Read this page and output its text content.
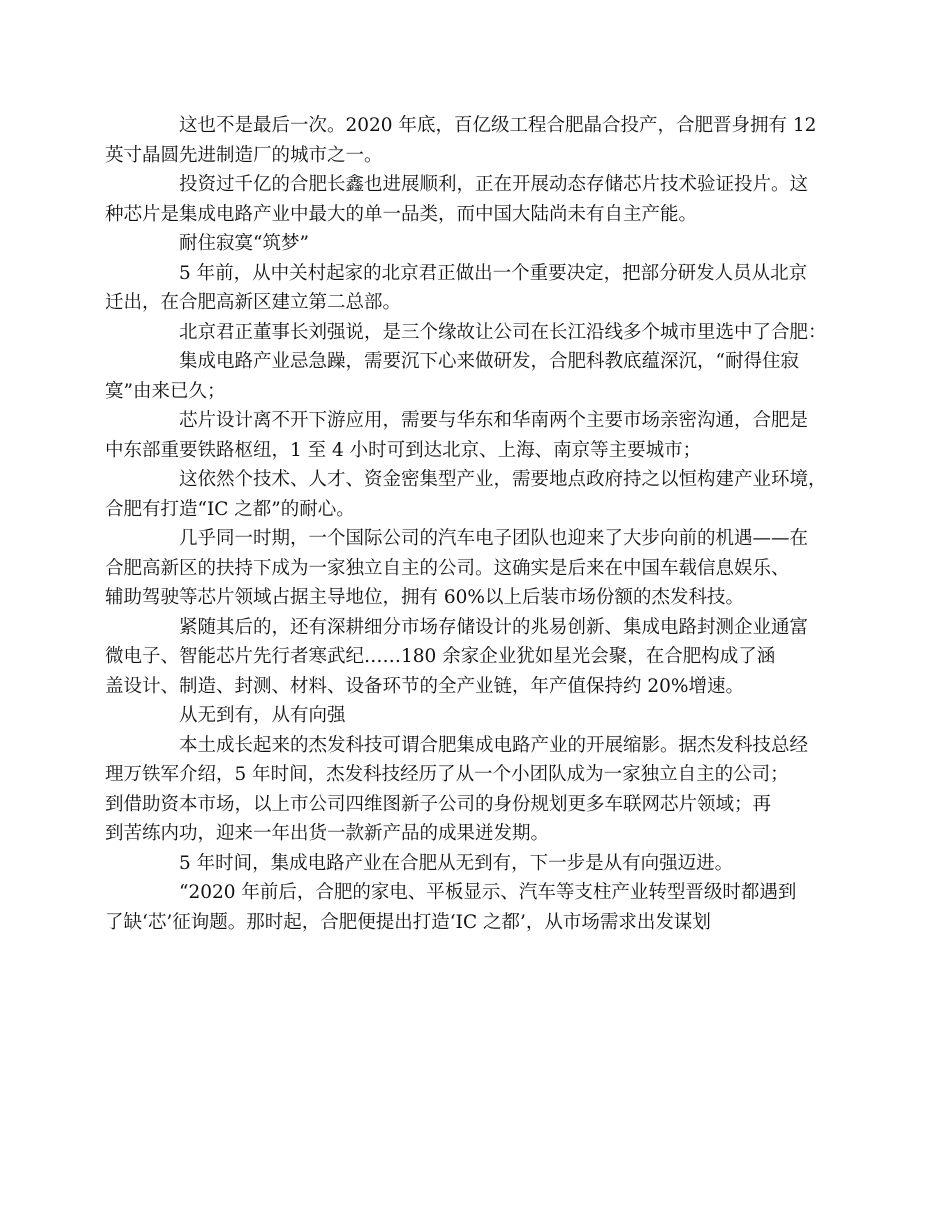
这也不是最后一次。2020 年底，百亿级工程合肥晶合投产，合肥晋身拥有 12
英寸晶圆先进制造厂的城市之一。

投资过千亿的合肥长鑫也进展顺利，正在开展动态存储芯片技术验证投片。这
种芯片是集成电路产业中最大的单一品类，而中国大陆尚未有自主产能。

耐住寂寞“筑梦”

5 年前，从中关村起家的北京君正做出一个重要决定，把部分研发人员从北京
迁出，在合肥高新区建立第二总部。

北京君正董事长刘强说，是三个缘故让公司在长江沿线多个城市里选中了合肥：

集成电路产业忌急躁，需要沉下心来做研发，合肥科教底蕴深沉，“耐得住寂
寞”由来已久；

芯片设计离不开下游应用，需要与华东和华南两个主要市场亲密沟通，合肥是
中东部重要铁路枢纽，1 至 4 小时可到达北京、上海、南京等主要城市；

这依然个技术、人才、资金密集型产业，需要地点政府持之以恒构建产业环境，
合肥有打造“IC 之都”的耐心。

几乎同一时期，一个国际公司的汽车电子团队也迎来了大步向前的机遇——在
合肥高新区的扶持下成为一家独立自主的公司。这确实是后来在中国车载信息娱乐、
辅助驾驶等芯片领域占据主导地位，拥有 60%以上后装市场份额的杰发科技。

紧随其后的，还有深耕细分市场存储设计的兆易创新、集成电路封测企业通富
微电子、智能芯片先行者寒武纪……180 余家企业犹如星光会聚，在合肥构成了涵
盖设计、制造、封测、材料、设备环节的全产业链，年产值保持约 20%增速。

从无到有，从有向强

本土成长起来的杰发科技可谓合肥集成电路产业的开展缩影。据杰发科技总经
理万铁军介绍，5 年时间，杰发科技经历了从一个小团队成为一家独立自主的公司；
到借助资本市场，以上市公司四维图新子公司的身份规划更多车联网芯片领域；再
到苦练内功，迎来一年出货一款新产品的成果迸发期。

5 年时间，集成电路产业在合肥从无到有，下一步是从有向强迈进。

“2020 年前后，合肥的家电、平板显示、汽车等支柱产业转型晋级时都遇到
了缺‘芯’征询题。那时起，合肥便提出打造‘IC 之都’，从市场需求出发谋划
